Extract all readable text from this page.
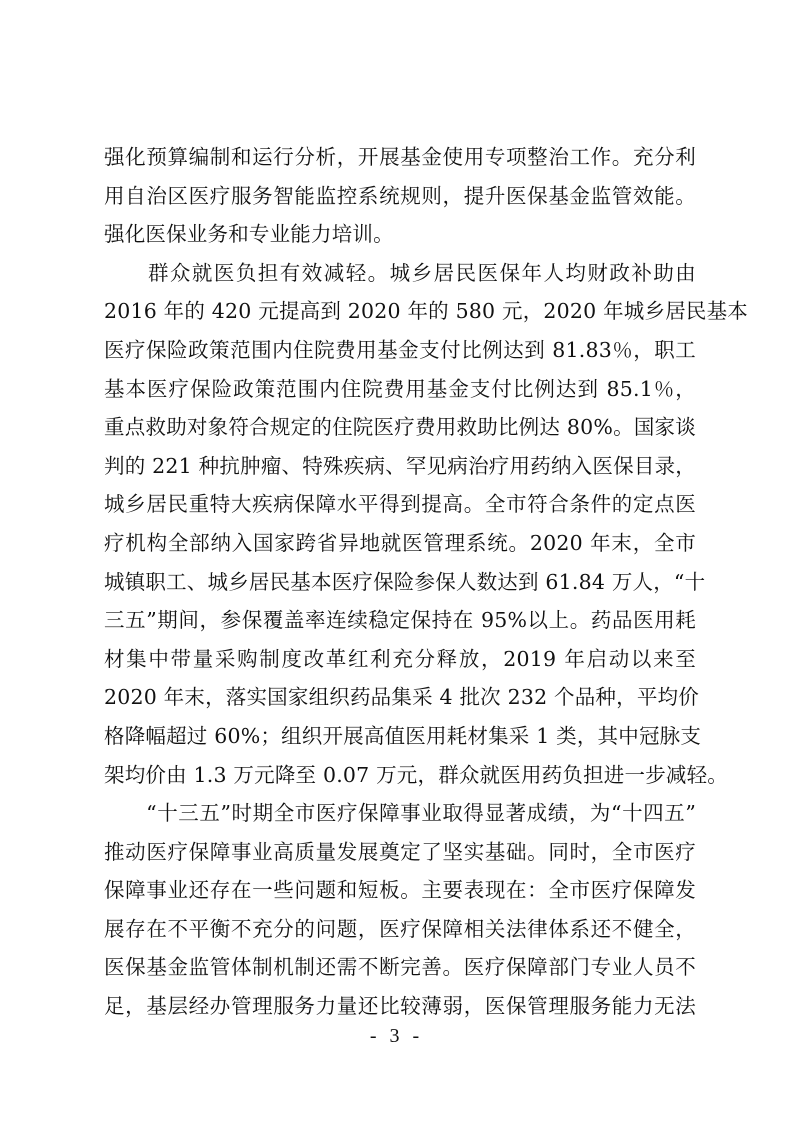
强化预算编制和运行分析，开展基金使用专项整治工作。充分利
用自治区医疗服务智能监控系统规则，提升医保基金监管效能。
强化医保业务和专业能力培训。
　　群众就医负担有效减轻。城乡居民医保年人均财政补助由
2016 年的 420 元提高到 2020 年的 580 元，2020 年城乡居民基本
医疗保险政策范围内住院费用基金支付比例达到 81.83％，职工
基本医疗保险政策范围内住院费用基金支付比例达到 85.1％，
重点救助对象符合规定的住院医疗费用救助比例达 80%。国家谈
判的 221 种抗肿瘤、特殊疾病、罕见病治疗用药纳入医保目录，
城乡居民重特大疾病保障水平得到提高。全市符合条件的定点医
疗机构全部纳入国家跨省异地就医管理系统。2020 年末，全市
城镇职工、城乡居民基本医疗保险参保人数达到 61.84 万人，“十
三五”期间，参保覆盖率连续稳定保持在 95%以上。药品医用耗
材集中带量采购制度改革红利充分释放，2019 年启动以来至
2020 年末，落实国家组织药品集采 4 批次 232 个品种，平均价
格降幅超过 60%；组织开展高值医用耗材集采 1 类，其中冠脉支
架均价由 1.3 万元降至 0.07 万元，群众就医用药负担进一步减轻。
　　“十三五”时期全市医疗保障事业取得显著成绩，为“十四五”
推动医疗保障事业高质量发展奠定了坚实基础。同时，全市医疗
保障事业还存在一些问题和短板。主要表现在：全市医疗保障发
展存在不平衡不充分的问题，医疗保障相关法律体系还不健全，
医保基金监管体制机制还需不断完善。医疗保障部门专业人员不
足，基层经办管理服务力量还比较薄弱，医保管理服务能力无法
- 3 -
